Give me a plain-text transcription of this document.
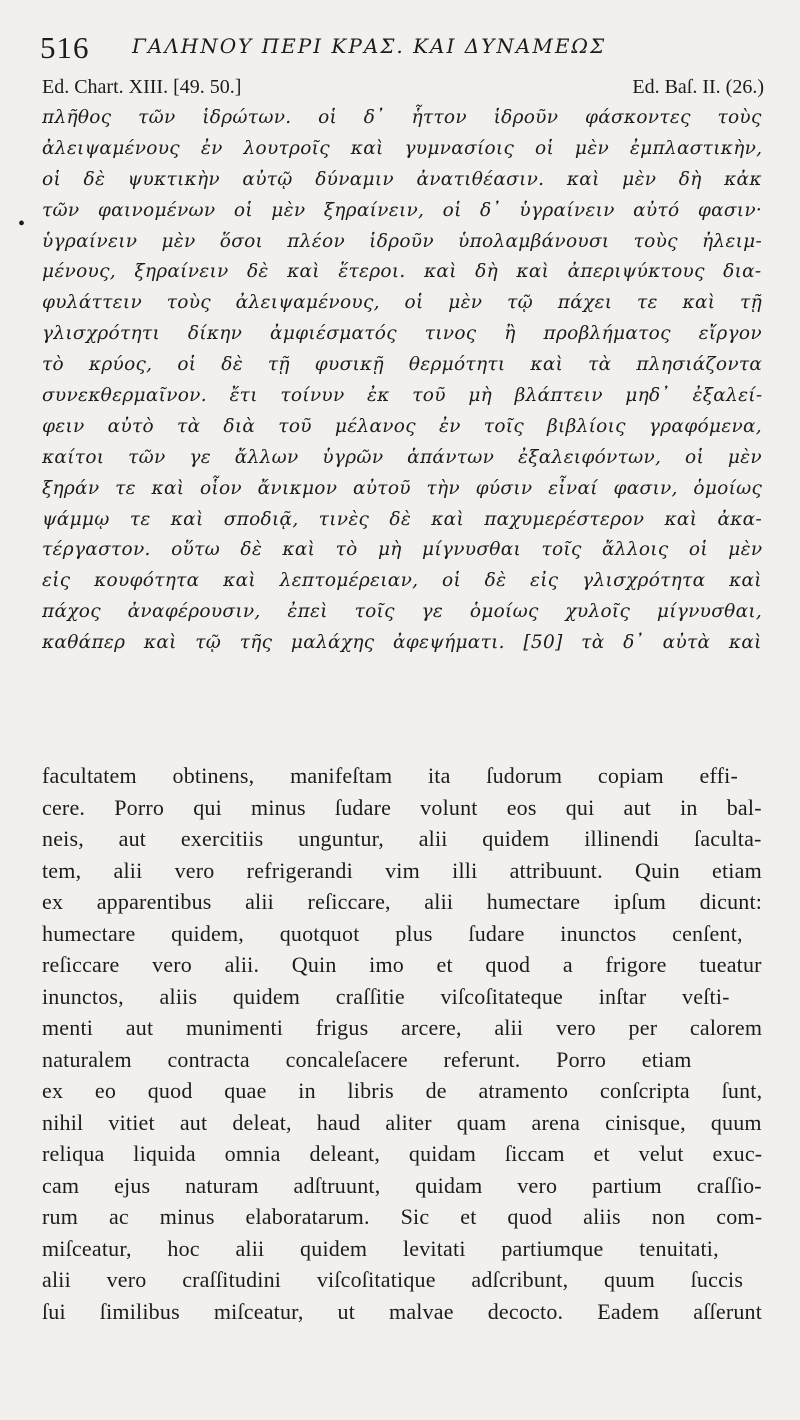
516 ΓΑΛΗΝΟΥ ΠΕΡΙ ΚΡΑΣ. ΚΑΙ ΔΥΝΑΜΕΩΣ
Ed. Chart. XIII. [49. 50.]	Ed. Baſ. II. (26.)
•
πλῆθος τῶν ἱδρώτων. οἱ δ᾽ ἧττον ἱδροῦν φάσκοντες τοὺς
ἀλειψαμένους ἐν λουτροῖς καὶ γυμνασίοις οἱ μὲν ἐμπλαστικὴν,
οἱ δὲ ψυκτικὴν αὐτῷ δύναμιν ἀνατιθέασιν. καὶ μὲν δὴ κἀκ
τῶν φαινομένων οἱ μὲν ξηραίνειν, οἱ δ᾽ ὑγραίνειν αὐτό φασιν·
ὑγραίνειν μὲν ὅσοι πλέον ἱδροῦν ὑπολαμβάνουσι τοὺς ἠλειμ-
μένους, ξηραίνειν δὲ καὶ ἕτεροι. καὶ δὴ καὶ ἀπεριψύκτους δια-
φυλάττειν τοὺς ἀλειψαμένους, οἱ μὲν τῷ πάχει τε καὶ τῇ
γλισχρότητι δίκην ἀμφιέσματός τινος ἢ προβλήματος εἴργον
τὸ κρύος, οἱ δὲ τῇ φυσικῇ θερμότητι καὶ τὰ πλησιάζοντα
συνεκθερμαῖνον. ἔτι τοίνυν ἐκ τοῦ μὴ βλάπτειν μηδ᾽ ἐξαλεί-
φειν αὐτὸ τὰ διὰ τοῦ μέλανος ἐν τοῖς βιβλίοις γραφόμενα,
καίτοι τῶν γε ἄλλων ὑγρῶν ἁπάντων ἐξαλειφόντων, οἱ μὲν
ξηράν τε καὶ οἷον ἄνικμον αὐτοῦ τὴν φύσιν εἶναί φασιν, ὁμοίως
ψάμμῳ τε καὶ σποδιᾷ, τινὲς δὲ καὶ παχυμερέστερον καὶ ἀκα-
τέργαστον. οὕτω δὲ καὶ τὸ μὴ μίγνυσθαι τοῖς ἄλλοις οἱ μὲν
εἰς κουφότητα καὶ λεπτομέρειαν, οἱ δὲ εἰς γλισχρότητα καὶ
πάχος ἀναφέρουσιν, ἐπεὶ τοῖς γε ὁμοίως χυλοῖς μίγνυσθαι,
καθάπερ καὶ τῷ τῆς μαλάχης ἀφεψήματι. [50] τὰ δ᾽ αὐτὰ καὶ
facultatem obtinens, manifeſtam ita ſudorum copiam effi-
cere. Porro qui minus ſudare volunt eos qui aut in bal-
neis, aut exercitiis unguntur, alii quidem illinendi ſaculta-
tem, alii vero refrigerandi vim illi attribuunt. Quin etiam
ex apparentibus alii reſiccare, alii humectare ipſum dicunt:
humectare quidem, quotquot plus ſudare inunctos cenſent,
reſiccare vero alii. Quin imo et quod a frigore tueatur
inunctos, aliis quidem craſſitie viſcoſitateque inſtar veſti-
menti aut munimenti frigus arcere, alii vero per calorem
naturalem contracta concaleſacere referunt. Porro etiam
ex eo quod quae in libris de atramento conſcripta ſunt,
nihil vitiet aut deleat, haud aliter quam arena cinisque, quum
reliqua liquida omnia deleant, quidam ſiccam et velut exuc-
cam ejus naturam adſtruunt, quidam vero partium craſſio-
rum ac minus elaboratarum. Sic et quod aliis non com-
miſceatur, hoc alii quidem levitati partiumque tenuitati,
alii vero craſſitudini viſcoſitatique adſcribunt, quum ſuccis
ſui ſimilibus miſceatur, ut malvae decocto. Eadem aſſerunt
